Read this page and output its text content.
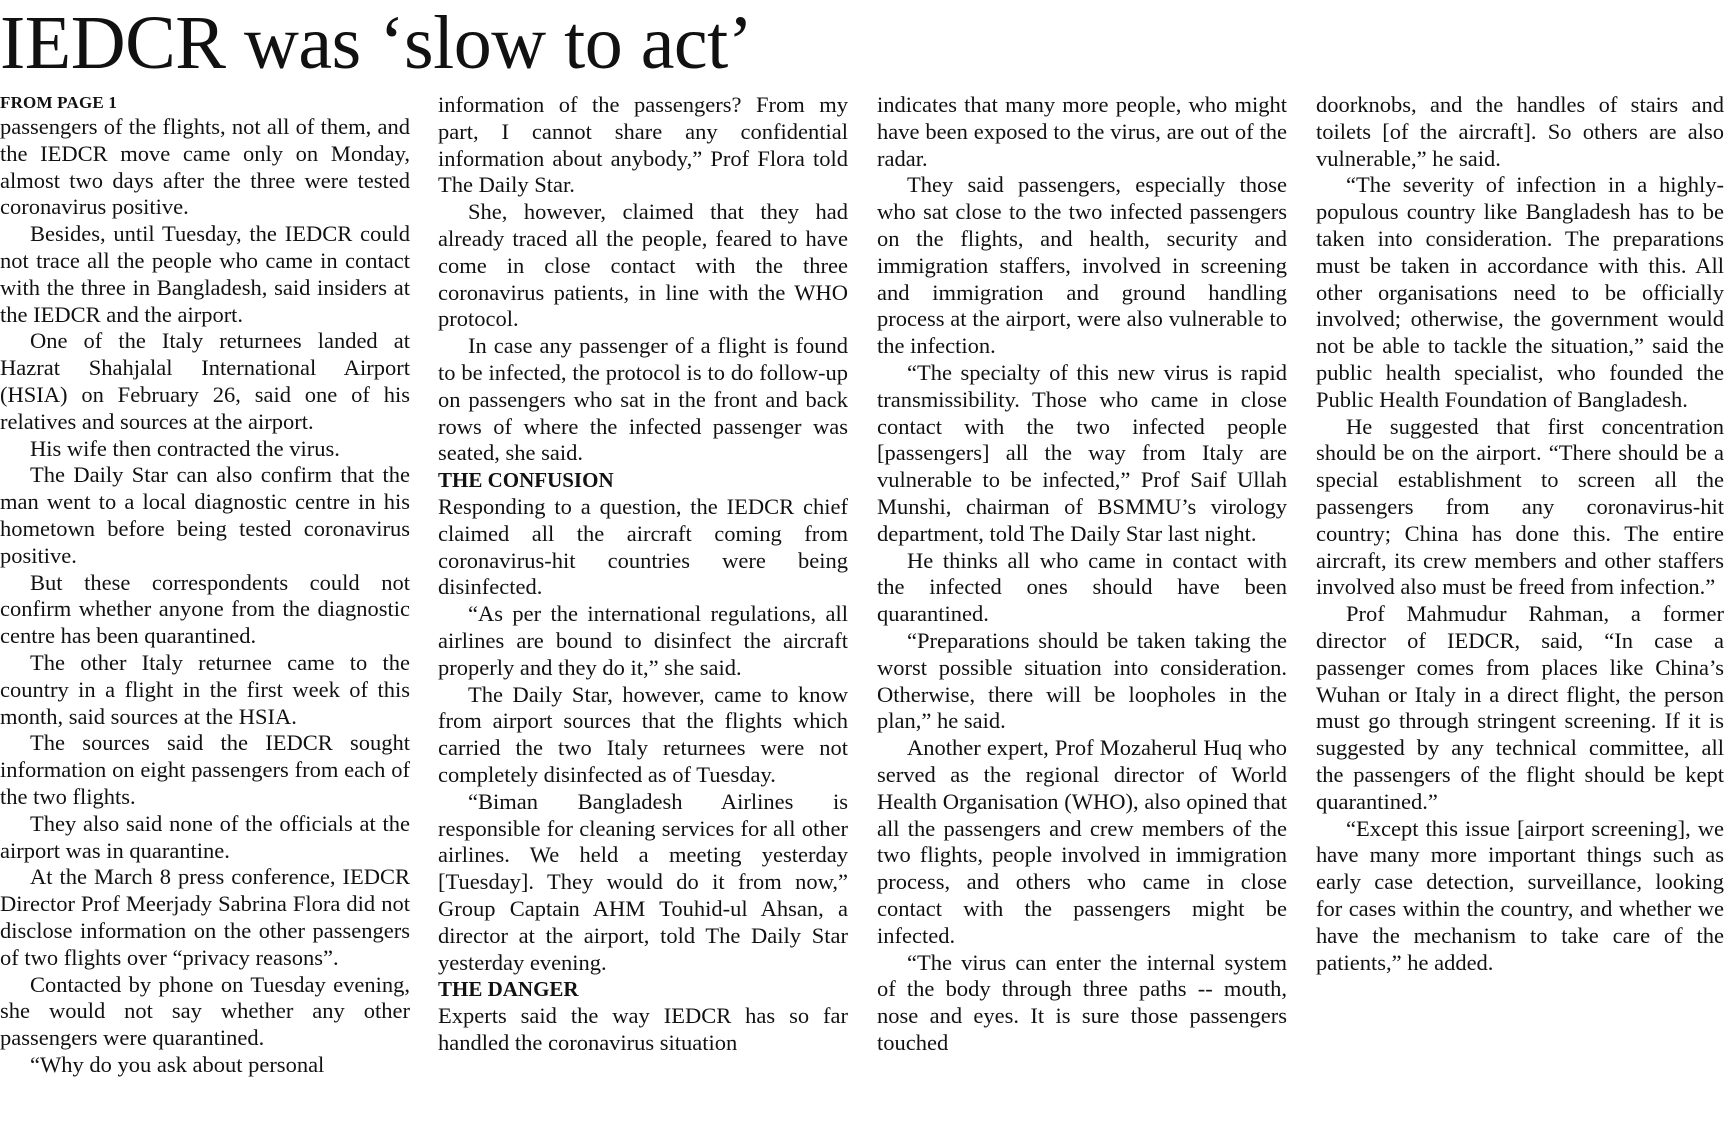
IEDCR was ‘slow to act’

FROM PAGE 1

passengers of the flights, not all of them, and the IEDCR move came only on Monday, almost two days after the three were tested coronavirus positive.

Besides, until Tuesday, the IEDCR could not trace all the people who came in contact with the three in Bangladesh, said insiders at the IEDCR and the airport.

One of the Italy returnees landed at Hazrat Shahjalal International Airport (HSIA) on February 26, said one of his relatives and sources at the airport.

His wife then contracted the virus.

The Daily Star can also confirm that the man went to a local diagnostic centre in his hometown before being tested coronavirus positive.

But these correspondents could not confirm whether anyone from the diagnostic centre has been quarantined.

The other Italy returnee came to the country in a flight in the first week of this month, said sources at the HSIA.

The sources said the IEDCR sought information on eight passengers from each of the two flights.

They also said none of the officials at the airport was in quarantine.

At the March 8 press conference, IEDCR Director Prof Meerjady Sabrina Flora did not disclose information on the other passengers of two flights over “privacy reasons”.

Contacted by phone on Tuesday evening, she would not say whether any other passengers were quarantined.

“Why do you ask about personal

information of the passengers? From my part, I cannot share any confidential information about anybody,” Prof Flora told The Daily Star.

She, however, claimed that they had already traced all the people, feared to have come in close contact with the three coronavirus patients, in line with the WHO protocol.

In case any passenger of a flight is found to be infected, the protocol is to do follow-up on passengers who sat in the front and back rows of where the infected passenger was seated, she said.

THE CONFUSION

Responding to a question, the IEDCR chief claimed all the aircraft coming from coronavirus-hit countries were being disinfected.

“As per the international regulations, all airlines are bound to disinfect the aircraft properly and they do it,” she said.

The Daily Star, however, came to know from airport sources that the flights which carried the two Italy returnees were not completely disinfected as of Tuesday.

“Biman Bangladesh Airlines is responsible for cleaning services for all other airlines. We held a meeting yesterday [Tuesday]. They would do it from now,” Group Captain AHM Touhid-ul Ahsan, a director at the airport, told The Daily Star yesterday evening.

THE DANGER

Experts said the way IEDCR has so far handled the coronavirus situation

indicates that many more people, who might have been exposed to the virus, are out of the radar.

They said passengers, especially those who sat close to the two infected passengers on the flights, and health, security and immigration staffers, involved in screening and immigration and ground handling process at the airport, were also vulnerable to the infection.

“The specialty of this new virus is rapid transmissibility. Those who came in close contact with the two infected people [passengers] all the way from Italy are vulnerable to be infected,” Prof Saif Ullah Munshi, chairman of BSMMU’s virology department, told The Daily Star last night.

He thinks all who came in contact with the infected ones should have been quarantined.

“Preparations should be taken taking the worst possible situation into consideration. Otherwise, there will be loopholes in the plan,” he said.

Another expert, Prof Mozaherul Huq who served as the regional director of World Health Organisation (WHO), also opined that all the passengers and crew members of the two flights, people involved in immigration process, and others who came in close contact with the passengers might be infected.

“The virus can enter the internal system of the body through three paths -- mouth, nose and eyes. It is sure those passengers touched

doorknobs, and the handles of stairs and toilets [of the aircraft]. So others are also vulnerable,” he said.

“The severity of infection in a highly-populous country like Bangladesh has to be taken into consideration. The preparations must be taken in accordance with this. All other organisations need to be officially involved; otherwise, the government would not be able to tackle the situation,” said the public health specialist, who founded the Public Health Foundation of Bangladesh.

He suggested that first concentration should be on the airport. “There should be a special establishment to screen all the passengers from any coronavirus-hit country; China has done this. The entire aircraft, its crew members and other staffers involved also must be freed from infection.”

Prof Mahmudur Rahman, a former director of IEDCR, said, “In case a passenger comes from places like China’s Wuhan or Italy in a direct flight, the person must go through stringent screening. If it is suggested by any technical committee, all the passengers of the flight should be kept quarantined.”

“Except this issue [airport screening], we have many more important things such as early case detection, surveillance, looking for cases within the country, and whether we have the mechanism to take care of the patients,” he added.
